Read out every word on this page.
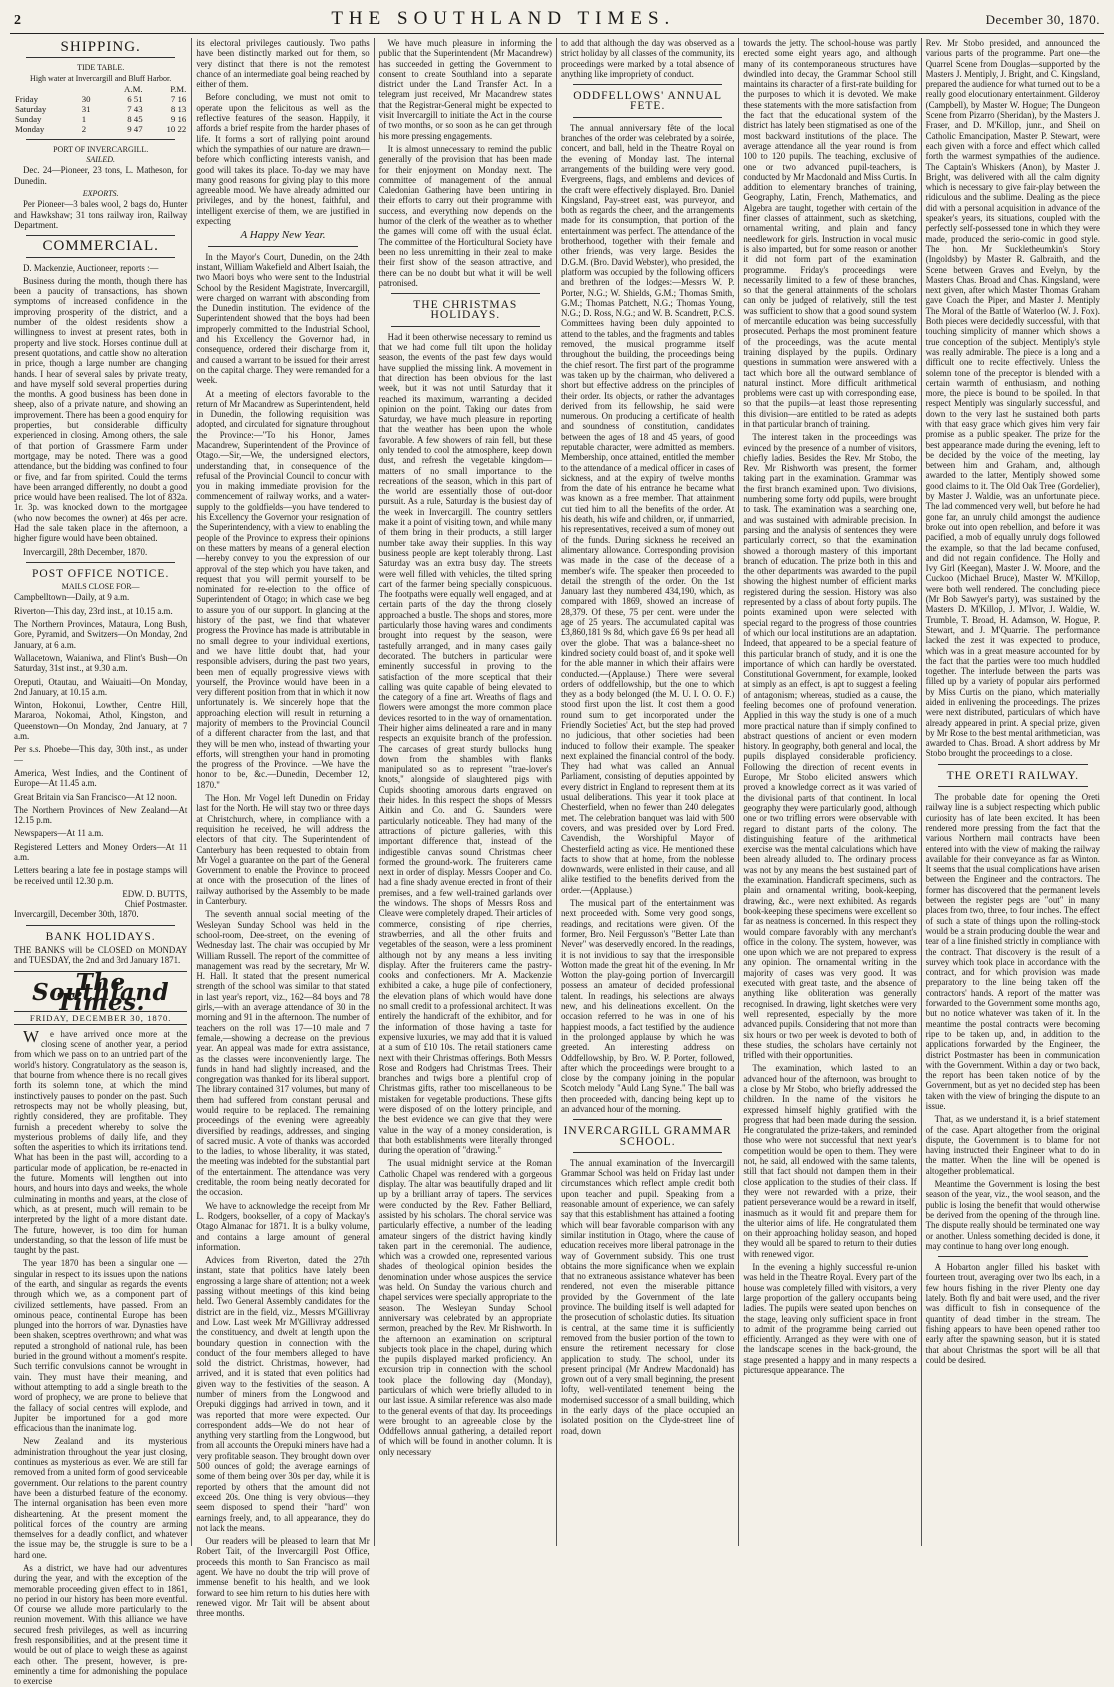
2	THE SOUTHLAND TIMES.	December 30, 1870.
SHIPPING.
TIDE TABLE.
High water at Invercargill and Bluff Harbor.
		A.M.	P.M.
Friday	30	6 51	7 16
Saturday	31	7 43	8 13
Sunday	1	8 45	9 16
Monday	2	9 47	10 22
PORT OF INVERCARGILL.
SAILED.

Dec. 24—Pioneer, 23 tons, L. Matheson, for Dunedin.

EXPORTS.

Per Pioneer—3 bales wool, 2 bags do, Hunter and Hawkshaw; 31 tons railway iron, Railway Department.

COMMERCIAL.

D. Mackenzie, Auctioneer, reports :—

Business during the month, though there has been a paucity of transactions, has shown symptoms of increased confidence in the improving prosperity of the district, and a number of the oldest residents show a willingness to invest at present rates, both in property and live stock. Horses continue dull at present quotations, and cattle show no alteration in price, though a large number are changing hands. I hear of several sales by private treaty, and have myself sold several properties during the months. A good business has been done in sheep, also of a private nature, and showing an improvement. There has been a good enquiry for properties, but considerable difficulty experienced in closing. Among others, the sale of that portion of Grassmere Farm under mortgage, may be noted. There was a good attendance, but the bidding was confined to four or five, and far from spirited. Could the terms have been arranged differently, no doubt a good price would have been realised. The lot of 832a. 1r. 3p. was knocked down to the mortgagee (who now becomes the owner) at 46s per acre. Had the sale taken place in the afternoon, a higher figure would have been obtained.

Invercargill, 28th December, 1870.

POST OFFICE NOTICE.
MAILS CLOSE FOR—

Campbelltown—Daily, at 9 a.m.

Riverton—This day, 23rd inst., at 10.15 a.m.

The Northern Provinces, Mataura, Long Bush, Gore, Pyramid, and Switzers—On Monday, 2nd January, at 6 a.m.

Wallacetown, Waianiwa, and Flint's Bush—On Saturday, 31st inst., at 9.30 a.m.

Oreputi, Otautau, and Waiuaiti—On Monday, 2nd January, at 10.15 a.m.

Winton, Hokonui, Lowther, Centre Hill, Mararoa, Nokomai, Athol, Kingston, and Queenstown—On Monday, 2nd January, at 7 a.m.

Per s.s. Phoebe—This day, 30th inst., as under—

America, West Indies, and the Continent of Europe—At 11.45 a.m.

Great Britain via San Francisco—At 12 noon.

The Northern Provinces of New Zealand—At 12.15 p.m.

Newspapers—At 11 a.m.

Registered Letters and Money Orders—At 11 a.m.

Letters bearing a late fee in postage stamps will be received until 12.30 p.m.

EDW. D. BUTTS,
Chief Postmaster.

Invercargill, December 30th, 1870.

BANK HOLIDAYS.

THE BANKS will be CLOSED on MONDAY and TUESDAY, the 2nd and 3rd January 1871.

The Southland Times.
FRIDAY, DECEMBER 30, 1870.

We have arrived once more at the closing scene of another year, a period from which we pass on to an untried part of the world's history. Congratulatory as the season is, that bourne from whence there is no recall gives forth its solemn tone, at which the mind instinctively pauses to ponder on the past. Such retrospects may not be wholly pleasing, but, rightly considered, they are profitable. They furnish a precedent whereby to solve the mysterious problems of daily life, and they soften the asperities to which its irritations tend. What has been in the past will, according to a particular mode of application, be re-enacted in the future. Moments will lengthen out into hours, and hours into days and weeks, the whole culminating in months and years, at the close of which, as at present, much will remain to be interpreted by the light of a more distant date. The future, however, is too dim for human understanding, so that the lesson of life must be taught by the past.

The year 1870 has been a singular one —singular in respect to its issues upon the nations of the earth, and singular as regards the events through which we, as a component part of civilized settlements, have passed. From an ominous peace, continental Europe has been plunged into the horrors of war. Dynasties have been shaken, sceptres overthrown; and what was reputed a stronghold of national rule, has been buried in the ground without a moment's respite. Such terrific convulsions cannot be wrought in vain. They must have their meaning, and without attempting to add a single breath to the word of prophecy, we are prone to believe that the fallacy of social centres will explode, and Jupiter be importuned for a god more efficacious than the inanimate log.

New Zealand and its mysterious administration throughout the year just closing, continues as mysterious as ever. We are still far removed from a united form of good serviceable government. Our relations to the parent country have been a disturbed feature of the economy. The internal organisation has been even more disheartening. At the present moment the political forces of the country are arming themselves for a deadly conflict, and whatever the issue may be, the struggle is sure to be a hard one.

As a district, we have had our adventures during the year, and with the exception of the memorable proceeding given effect to in 1861, no period in our history has been more eventful. Of course we allude more particularly to the reunion movement. With this alliance we have secured fresh privileges, as well as incurring fresh responsibilities, and at the present time it would be out of place to weigh these as against each other. The present, however, is pre-eminently a time for admonishing the populace to exercise

its electoral privileges cautiously. Two paths have been distinctly marked out for them, so very distinct that there is not the remotest chance of an intermediate goal being reached by either of them.

Before concluding, we must not omit to operate upon the felicitous as well as the reflective features of the season. Happily, it affords a brief respite from the harder phases of life. It forms a sort of rallying point around which the sympathies of our nature are drawn—before which conflicting interests vanish, and good will takes its place. To-day we may have many good reasons for giving play to this more agreeable mood. We have already admitted our privileges, and by the honest, faithful, and intelligent exercise of them, we are justified in expecting

A Happy New Year.

In the Mayor's Court, Dunedin, on the 24th instant, William Wakefield and Albert Isaiah, the two Maori boys who were sent to the Industrial School by the Resident Magistrate, Invercargill, were charged on warrant with absconding from the Dunedin institution. The evidence of the Superintendent showed that the boys had been improperly committed to the Industrial School, and his Excellency the Governor had, in consequence, ordered their discharge from it, and caused a warrant to be issued for their arrest on the capital charge. They were remanded for a week.

At a meeting of electors favorable to the return of Mr Macandrew as Superintendent, held in Dunedin, the following requisition was adopted, and circulated for signature throughout the Province:—"To his Honor, James Macandrew, Superintendent of the Province of Otago.—Sir,—We, the undersigned electors, understanding that, in consequence of the refusal of the Provincial Council to concur with you in making immediate provision for the commencement of railway works, and a water-supply to the goldfields—you have tendered to his Excellency the Governor your resignation of the Superintendency, with a view to enabling the people of the Province to express their opinions on these matters by means of a general election—hereby convey to you the expression of our approval of the step which you have taken, and request that you will permit yourself to be nominated for re-election to the office of Superintendent of Otago; in which case we beg to assure you of our support. In glancing at the history of the past, we find that whatever progress the Province has made is attributable in no small degree to your individual exertions, and we have little doubt that, had your responsible advisers, during the past two years, been men of equally progressive views with yourself, the Province would have been in a very different position from that in which it now unfortunately is. We sincerely hope that the approaching election will result in returning a majority of members to the Provincial Council of a different character from the last, and that they will be men who, instead of thwarting your efforts, will strengthen your hand in promoting the progress of the Province. —We have the honor to be, &c.—Dunedin, December 12, 1870."

The Hon. Mr Vogel left Dunedin on Friday last for the North. He will stay two or three days at Christchurch, where, in compliance with a requisition he received, he will address the electors of that city. The Superintendent of Canterbury has been requested to obtain from Mr Vogel a guarantee on the part of the General Government to enable the Province to proceed at once with the prosecution of the lines of railway authorised by the Assembly to be made in Canterbury.

The seventh annual social meeting of the Wesleyan Sunday School was held in the school-room, Dee-street, on the evening of Wednesday last. The chair was occupied by Mr William Russell. The report of the committee of management was read by the secretary, Mr W. H. Hall. It stated that the present numerical strength of the school was similar to that stated in last year's report, viz., 162—84 boys and 78 girls,—with an average attendance of 30 in the morning and 91 in the afternoon. The number of teachers on the roll was 17—10 male and 7 female,—showing a decrease on the previous year. An appeal was made for extra assistance, as the classes were inconveniently large. The funds in hand had slightly increased, and the congregation was thanked for its liberal support. The library contained 317 volumes, but many of them had suffered from constant perusal and would require to be replaced. The remaining proceedings of the evening were agreeably diversified by readings, addresses, and singing of sacred music. A vote of thanks was accorded to the ladies, to whose liberality, it was stated, the meeting was indebted for the substantial part of the entertainment. The attendance was very creditable, the room being neatly decorated for the occasion.

We have to acknowledge the receipt from Mr L. Rodgers, bookseller, of a copy of Mackay's Otago Almanac for 1871. It is a bulky volume, and contains a large amount of general information.

Advices from Riverton, dated the 27th instant, state that politics have lately been engrossing a large share of attention; not a week passing without meetings of this kind being held. Two General Assembly candidates for the district are in the field, viz., Messrs M'Gillivray and Low. Last week Mr M'Gillivray addressed the constituency, and dwelt at length upon the boundary question in connection with the conduct of the four members alleged to have sold the district. Christmas, however, had arrived, and it is stated that even politics had given way to the festivities of the season. A number of miners from the Longwood and Orepuki diggings had arrived in town, and it was reported that more were expected. Our correspondent adds—We do not hear of anything very startling from the Longwood, but from all accounts the Orepuki miners have had a very profitable season. They brought down over 500 ounces of gold; the average earnings of some of them being over 30s per day, while it is reported by others that the amount did not exceed 20s. One thing is very obvious—they seem disposed to spend their "hard" won earnings freely, and, to all appearance, they do not lack the means.

Our readers will be pleased to learn that Mr Robert Tait, of the Invercargill Post Office, proceeds this month to San Francisco as mail agent. We have no doubt the trip will prove of immense benefit to his health, and we look forward to see him return to his duties here with renewed vigor. Mr Tait will be absent about three months.

We have much pleasure in informing the public that the Superintendent (Mr Macandrew) has succeeded in getting the Government to consent to create Southland into a separate district under the Land Transfer Act. In a telegram just received, Mr Macandrew states that the Registrar-General might be expected to visit Invercargill to initiate the Act in the course of two months, or so soon as he can get through his more pressing engagements.

It is almost unnecessary to remind the public generally of the provision that has been made for their enjoyment on Monday next. The committee of management of the annual Caledonian Gathering have been untiring in their efforts to carry out their programme with success, and everything now depends on the humor of the clerk of the weather as to whether the games will come off with the usual éclat. The committee of the Horticultural Society have been no less unremitting in their zeal to make their first show of the season attractive, and there can be no doubt but what it will be well patronised.

THE CHRISTMAS HOLIDAYS.

Had it been otherwise necessary to remind us that we had come full tilt upon the holiday season, the events of the past few days would have supplied the missing link. A movement in that direction has been obvious for the last week, but it was not until Saturday that it reached its maximum, warranting a decided opinion on the point. Taking our dates from Saturday, we have much pleasure in reporting that the weather has been upon the whole favorable. A few showers of rain fell, but these only tended to cool the atmosphere, keep down dust, and refresh the vegetable kingdom—matters of no small importance to the recreations of the season, which in this part of the world are essentially those of out-door pursuit. As a rule, Saturday is the busiest day of the week in Invercargill. The country settlers make it a point of visiting town, and while many of them bring in their products, a still larger number take away their supplies. In this way business people are kept tolerably throng. Last Saturday was an extra busy day. The streets were well filled with vehicles, the tilted spring cart of the farmer being specially conspicuous. The footpaths were equally well engaged, and at certain parts of the day the throng closely approached a bustle. The shops and stores, more particularly those having wares and condiments brought into request by the season, were tastefully arranged, and in many cases gaily decorated. The butchers in particular were eminently successful in proving to the satisfaction of the more sceptical that their calling was quite capable of being elevated to the category of a fine art. Wreaths of flags and flowers were amongst the more common place devices resorted to in the way of ornamentation. Their higher aims delineated a rare and in many respects an exquisite branch of the profession. The carcases of great sturdy bullocks hung down from the shambles with flanks manipulated so as to represent "trae-lover's knots," alongside of slaughtered pigs with Cupids shooting amorous darts engraved on their hides. In this respect the shops of Messrs Aitkin and Co. and G. Saunders were particularly noticeable. They had many of the attractions of picture galleries, with this important difference that, instead of the indigestible canvas sound Christmas cheer formed the ground-work. The fruiterers came next in order of display. Messrs Cooper and Co. had a fine shady avenue erected in front of their premises, and a few well-trained garlands over the windows. The shops of Messrs Ross and Cleave were completely draped. Their articles of commerce, consisting of ripe cherries, strawberries, and all the other fruits and vegetables of the season, were a less prominent although not by any means a less inviting display. After the fruiterers came the pastry-cooks and confectioners. Mr A. Mackenzie exhibited a cake, a huge pile of confectionery, the elevation plans of which would have done no small credit to a professional architect. It was entirely the handicraft of the exhibitor, and for the information of those having a taste for expensive luxuries, we may add that it is valued at a sum of £10 10s. The retail stationers came next with their Christmas offerings. Both Messrs Rose and Rodgers had Christmas Trees. Their branches and twigs bore a plentiful crop of Christmas gifts, rather too miscellaneous to be mistaken for vegetable productions. These gifts were disposed of on the lottery principle, and the best evidence we can give that they were value in the way of a money consideration, is that both establishments were literally thronged during the operation of "drawing."

The usual midnight service at the Roman Catholic Chapel was rendered with a gorgeous display. The altar was beautifully draped and lit up by a brilliant array of tapers. The services were conducted by the Rev. Father Belliard, assisted by his scholars. The choral service was particularly effective, a number of the leading amateur singers of the district having kindly taken part in the ceremonial. The audience, which was a crowded one, represented various shades of theological opinion besides the denomination under whose auspices the service was held. On Sunday the various church and chapel services were specially appropriate to the season. The Wesleyan Sunday School anniversary was celebrated by an appropriate sermon, preached by the Rev. Mr Rishworth. In the afternoon an examination on scriptural subjects took place in the chapel, during which the pupils displayed marked proficiency. An excursion trip in connection with the school took place the following day (Monday), particulars of which were briefly alluded to in our last issue. A similar reference was also made to the general events of that day. Its proceedings were brought to an agreeable close by the Oddfellows annual gathering, a detailed report of which will be found in another column. It is only necessary

to add that although the day was observed as a strict holiday by all classes of the community, its proceedings were marked by a total absence of anything like impropriety of conduct.

ODDFELLOWS' ANNUAL FETE.

The annual anniversary fête of the local branches of the order was celebrated by a soirée, concert, and ball, held in the Theatre Royal on the evening of Monday last. The internal arrangements of the building were very good. Evergreens, flags, and emblems and devices of the craft were effectively displayed. Bro. Daniel Kingsland, Pay-street east, was purveyor, and both as regards the cheer, and the arrangements made for its consumption, that portion of the entertainment was perfect. The attendance of the brotherhood, together with their female and other friends, was very large. Besides the D.G.M. (Bro. David Webster), who presided, the platform was occupied by the following officers and brethren of the lodges:—Messrs W. P. Porter, N.G.; W. Shields, G.M.; Thomas Smith, G.M.; Thomas Patchett, N.G.; Thomas Young, N.G.; D. Ross, N.G.; and W. B. Scandrett, P.C.S. Committees having been duly appointed to attend to the tables, and the fragments and tables removed, the musical programme itself throughout the building, the proceedings being the chief resort. The first part of the programme was taken up by the chairman, who delivered a short but effective address on the principles of their order. Its objects, or rather the advantages derived from its fellowship, he said were numerous. On producing a certificate of health and soundness of constitution, candidates between the ages of 18 and 45 years, of good reputable character, were admitted as members. Membership, once attained, entitled the member to the attendance of a medical officer in cases of sickness, and at the expiry of twelve months from the date of his entrance he became what was known as a free member. That attainment cut tied him to all the benefits of the order. At his death, his wife and children, or, if unmarried, his representatives, received a sum of money out of the funds. During sickness he received an alimentary allowance. Corresponding provision was made in the case of the decease of a member's wife. The speaker then proceeded to detail the strength of the order. On the 1st January last they numbered 434,190, which, as compared with 1869, showed an increase of 28,379. Of these, 75 per cent. were under the age of 25 years. The accumulated capital was £3,860,181 9s 8d, which gave £6 9s per head all over the globe. That was a balance-sheet no kindred society could boast of, and it spoke well for the able manner in which their affairs were conducted.—(Applause.) There were several orders of oddfellowship, but the one to which they as a body belonged (the M. U. I. O. O. F.) stood first upon the list. It cost them a good round sum to get incorporated under the Friendly Societies' Act, but the step had proved no judicious, that other societies had been induced to follow their example. The speaker next explained the financial control of the body. They had what was called an Annual Parliament, consisting of deputies appointed by every district in England to represent them at its usual deliberations. This year it took place at Chesterfield, when no fewer than 240 delegates met. The celebration banquet was laid with 500 covers, and was presided over by Lord Fred. Cavendish, the Worshipful Mayor of Chesterfield acting as vice. He mentioned these facts to show that at home, from the noblesse downwards, were enlisted in their cause, and all alike testified to the benefits derived from the order.—(Applause.)

The musical part of the entertainment was next proceeded with. Some very good songs, readings, and recitations were given. Of the former, Bro. Neil Fergusson's "Better Late than Never" was deservedly encored. In the readings, it is not invidious to say that the irresponsible Wotton made the great hit of the evening. In Mr Wotton the play-going portion of Invercargill possess an amateur of decided professional talent. In readings, his selections are always new, and his delineations excellent. On the occasion referred to he was in one of his happiest moods, a fact testified by the audience in the prolonged applause by which he was greeted. An interesting address on Oddfellowship, by Bro. W. P. Porter, followed, after which the proceedings were brought to a close by the company joining in the popular Scotch melody "Auld Lang Syne." The ball was then proceeded with, dancing being kept up to an advanced hour of the morning.

INVERCARGILL GRAMMAR SCHOOL.

The annual examination of the Invercargill Grammar School was held on Friday last under circumstances which reflect ample credit both upon teacher and pupil. Speaking from a reasonable amount of experience, we can safely say that this establishment has attained a footing which will bear favorable comparison with any similar institution in Otago, where the cause of education receives more liberal patronage in the way of Government subsidy. This one trust obtains the more significance when we explain that no extraneous assistance whatever has been rendered, not even the miserable pittance provided by the Government of the late province. The building itself is well adapted for the prosecution of scholastic duties. Its situation is central, at the same time it is sufficiently removed from the busier portion of the town to ensure the retirement necessary for close application to study. The school, under its present principal (Mr Andrew Macdonald) has grown out of a very small beginning, the present lofty, well-ventilated tenement being the modernised successor of a small building, which in the early days of the place occupied an isolated position on the Clyde-street line of road, down

towards the jetty. The school-house was partly erected some eight years ago, and although many of its contemporaneous structures have dwindled into decay, the Grammar School still maintains its character of a first-rate building for the purposes to which it is devoted. We make these statements with the more satisfaction from the fact that the educational system of the district has lately been stigmatised as one of the most backward institutions of the place. The average attendance all the year round is from 100 to 120 pupils. The teaching, exclusive of one or two advanced pupil-teachers, is conducted by Mr Macdonald and Miss Curtis. In addition to elementary branches of training, Geography, Latin, French, Mathematics, and Algebra are taught, together with certain of the finer classes of attainment, such as sketching, ornamental writing, and plain and fancy needlework for girls. Instruction in vocal music is also imparted, but for some reason or another it did not form part of the examination programme. Friday's proceedings were necessarily limited to a few of these branches, so that the general attainments of the scholars can only be judged of relatively, still the test was sufficient to show that a good sound system of mercantile education was being successfully prosecuted. Perhaps the most prominent feature of the proceedings, was the acute mental training displayed by the pupils. Ordinary questions in summation were answered with a tact which bore all the outward semblance of natural instinct. More difficult arithmetical problems were cast up with corresponding ease, so that the pupils—at least those representing this division—are entitled to be rated as adepts in that particular branch of training.

The interest taken in the proceedings was evinced by the presence of a number of visitors, chiefly ladies. Besides the Rev. Mr Stobo, the Rev. Mr Rishworth was present, the former taking part in the examination. Grammar was the first branch examined upon. Two divisions, numbering some forty odd pupils, were brought to task. The examination was a searching one, and was sustained with admirable precision. In parsing and the analysis of sentences they were particularly correct, so that the examination showed a thorough mastery of this important branch of education. The prize both in this and the other departments was awarded to the pupil showing the highest number of efficient marks registered during the session. History was also represented by a class of about forty pupils. The points examined upon were selected with special regard to the progress of those countries of which our local institutions are an adaptation. Indeed, that appeared to be a special feature of this particular branch of study, and it is one the importance of which can hardly be overstated. Constitutional Government, for example, looked at simply as an effect, is apt to suggest a feeling of antagonism; whereas, studied as a cause, the feeling becomes one of profound veneration. Applied in this way the study is one of a much more practical nature than if simply confined to abstract questions of ancient or even modern history. In geography, both general and local, the pupils displayed considerable proficiency. Following the direction of recent events in Europe, Mr Stobo elicited answers which proved a knowledge correct as it was varied of the divisional parts of that continent. In local geography they were particularly good, although one or two trifling errors were observable with regard to distant parts of the colony. The distinguishing feature of the arithmetical exercise was the mental calculations which have been already alluded to. The ordinary process was not by any means the best sustained part of the examination. Handicraft specimens, such as plain and ornamental writing, book-keeping, drawing, &c., were next exhibited. As regards book-keeping these specimens were excellent so far as neatness is concerned. In this respect they would compare favorably with any merchant's office in the colony. The system, however, was one upon which we are not prepared to express any opinion. The ornamental writing in the majority of cases was very good. It was executed with great taste, and the absence of anything like obliteration was generally recognised. In drawing, light sketches were very well represented, especially by the more advanced pupils. Considering that not more than six hours or two per week is devoted to both of these studies, the scholars have certainly not trifled with their opportunities.

The examination, which lasted to an advanced hour of the afternoon, was brought to a close by Mr Stobo, who briefly addressed the children. In the name of the visitors he expressed himself highly gratified with the progress that had been made during the session. He congratulated the prize-takers, and reminded those who were not successful that next year's competition would be open to them. They were not, he said, all endowed with the same talents, still that fact should not dampen them in their close application to the studies of their class. If they were not rewarded with a prize, their patient perseverance would be a reward in itself, inasmuch as it would fit and prepare them for the ulterior aims of life. He congratulated them on their approaching holiday season, and hoped they would all be spared to return to their duties with renewed vigor.

In the evening a highly successful re-union was held in the Theatre Royal. Every part of the house was completely filled with visitors, a very large proportion of the gallery occupants being ladies. The pupils were seated upon benches on the stage, leaving only sufficient space in front to admit of the programme being carried out efficiently. Arranged as they were with one of the landscape scenes in the back-ground, the stage presented a happy and in many respects a picturesque appearance. The

Rev. Mr Stobo presided, and announced the various parts of the programme. Part one—the Quarrel Scene from Douglas—supported by the Masters J. Mentiply, J. Bright, and C. Kingsland, prepared the audience for what turned out to be a really good elocutionary entertainment. Gilderoy (Campbell), by Master W. Hogue; The Dungeon Scene from Pizarro (Sheridan), by the Masters J. Fraser, and D. M'Killop, junr., and Sheil on Catholic Emancipation, Master P. Stewart, were each given with a force and effect which called forth the warmest sympathies of the audience. The Captain's Whiskers (Anon), by Master J. Bright, was delivered with all the calm dignity which is necessary to give fair-play between the ridiculous and the sublime. Dealing as the piece did with a personal acquisition in advance of the speaker's years, its situations, coupled with the perfectly self-possessed tone in which they were made, produced the serio-comic in good style. The hon. Mr Suckletheumkin's Story (Ingoldsby) by Master R. Galbraith, and the Scene between Graves and Evelyn, by the Masters Chas. Broad and Chas. Kingsland, were next given, after which Master Thomas Graham gave Coach the Piper, and Master J. Mentiply The Moral of the Battle of Waterloo (W. J. Fox). Both pieces were decidedly successful, with that touching simplicity of manner which shows a true conception of the subject. Mentiply's style was really admirable. The piece is a long and a difficult one to recite effectively. Unless the solemn tone of the preceptor is blended with a certain warmth of enthusiasm, and nothing more, the piece is bound to be spoiled. In that respect Mentiply was singularly successful, and down to the very last he sustained both parts with that easy grace which gives him very fair promise as a public speaker. The prize for the best appearance made during the evening, left to be decided by the voice of the meeting, lay between him and Graham, and, although awarded to the latter, Mentiply showed some good claims to it. The Old Oak Tree (Gordelier), by Master J. Waldie, was an unfortunate piece. The lad commenced very well, but before he had gone far, an unruly child amongst the audience broke out into open rebellion, and before it was pacified, a mob of equally unruly dogs followed the example, so that the lad became confused, and did not regain confidence. The Holly and Ivy Girl (Keegan), Master J. W. Moore, and the Cuckoo (Michael Bruce), Master W. M'Killop, were both well rendered. The concluding piece (Mr Bob Sawyer's party), was sustained by the Masters D. M'Killop, J. M'Ivor, J. Waldie, W. Trumble, T. Broad, H. Adamson, W. Hogue, P. Stewart, and J. M'Quarrie. The performance lacked the zest it was expected to produce, which was in a great measure accounted for by the fact that the parties were too much huddled together. The interlude between the parts was filled up by a variety of popular airs performed by Miss Curtis on the piano, which materially aided in enlivening the proceedings. The prizes were next distributed, particulars of which have already appeared in print. A special prize, given by Mr Rose to the best mental arithmetician, was awarded to Chas. Broad. A short address by Mr Stobo brought the proceedings to a close.

THE ORETI RAILWAY.

The probable date for opening the Oreti railway line is a subject respecting which public curiosity has of late been excited. It has been rendered more pressing from the fact that the various Northern mail contracts have been entered into with the view of making the railway available for their conveyance as far as Winton. It seems that the usual complications have arisen between the Engineer and the contractors. The former has discovered that the permanent levels between the register pegs are "out" in many places from two, three, to four inches. The effect of such a state of things upon the rolling-stock would be a strain producing double the wear and tear of a line finished strictly in compliance with the contract. That discovery is the result of a survey which took place in accordance with the contract, and for which provision was made preparatory to the line being taken off the contractors' hands. A report of the matter was forwarded to the Government some months ago, but no notice whatever was taken of it. In the meantime the postal contracts were becoming ripe to be taken up, and, in addition to the applications forwarded by the Engineer, the district Postmaster has been in communication with the Government. Within a day or two back, the report has been taken notice of by the Government, but as yet no decided step has been taken with the view of bringing the dispute to an issue.

That, as we understand it, is a brief statement of the case. Apart altogether from the original dispute, the Government is to blame for not having instructed their Engineer what to do in the matter. When the line will be opened is altogether problematical.

Meantime the Government is losing the best season of the year, viz., the wool season, and the public is losing the benefit that would otherwise be derived from the opening of the through line. The dispute really should be terminated one way or another. Unless something decided is done, it may continue to hang over long enough.

A Hobarton angler filled his basket with fourteen trout, averaging over two lbs each, in a few hours fishing in the river Plenty one day lately. Both fly and bait were used, and the river was difficult to fish in consequence of the quantity of dead timber in the stream. The fishing appears to have been opened rather too early after the spawning season, but it is stated that about Christmas the sport will be all that could be desired.
